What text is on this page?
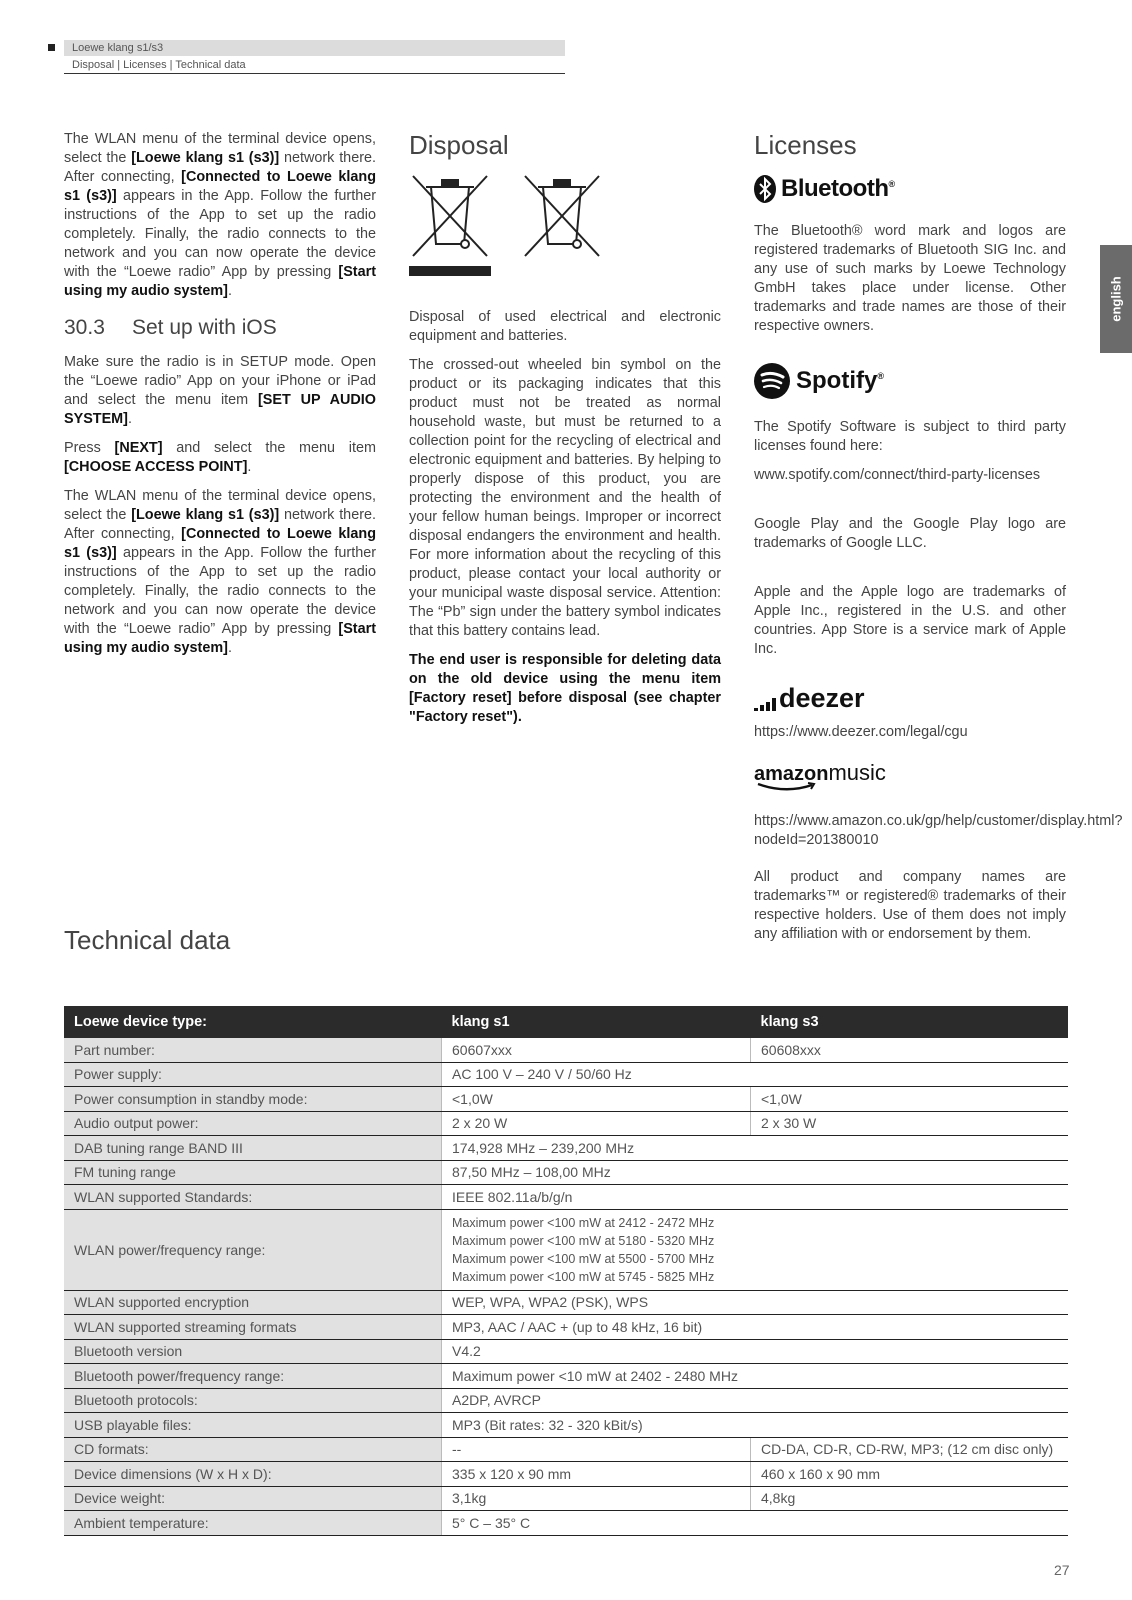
Loewe klang s1/s3
Disposal | Licenses | Technical data
english

The WLAN menu of the terminal device opens, select the [Loewe klang s1 (s3)] network there. After connecting, [Connected to Loewe klang s1 (s3)] appears in the App. Follow the further instructions of the App to set up the radio completely. Finally, the radio connects to the network and you can now operate the device with the “Loewe radio” App by pressing [Start using my audio system].

30.3 Set up with iOS

Make sure the radio is in SETUP mode. Open the “Loewe radio” App on your iPhone or iPad and select the menu item [SET UP AUDIO SYSTEM].

Press [NEXT] and select the menu item [CHOOSE ACCESS POINT].

The WLAN menu of the terminal device opens, select the [Loewe klang s1 (s3)] network there. After connecting, [Connected to Loewe klang s1 (s3)] appears in the App. Follow the further instructions of the App to set up the radio completely. Finally, the radio connects to the network and you can now operate the device with the “Loewe radio” App by pressing [Start using my audio system].

Disposal

Disposal of used electrical and electronic equipment and batteries.

The crossed-out wheeled bin symbol on the product or its packaging indicates that this product must not be treated as normal household waste, but must be returned to a collection point for the recycling of electrical and electronic equipment and batteries. By helping to properly dispose of this product, you are protecting the environment and the health of your fellow human beings. Improper or incorrect disposal endangers the environment and health. For more information about the recycling of this product, please contact your local authority or your municipal waste disposal service. Attention: The “Pb” sign under the battery symbol indicates that this battery contains lead.

The end user is responsible for deleting data on the old device using the menu item [Factory reset] before disposal (see chapter "Factory reset").

Licenses
Bluetooth®

The Bluetooth® word mark and logos are registered trademarks of Bluetooth SIG Inc. and any use of such marks by Loewe Technology GmbH takes place under license. Other trademarks and trade names are those of their respective owners.

Spotify®

The Spotify Software is subject to third party licenses found here:

www.spotify.com/connect/third-party-licenses

Google Play and the Google Play logo are trademarks of Google LLC.

Apple and the Apple logo are trademarks of Apple Inc., registered in the U.S. and other countries. App Store is a service mark of Apple Inc.

deezer

https://www.deezer.com/legal/cgu

amazonmusic

https://www.amazon.co.uk/gp/help/customer/display.html?nodeId=201380010

All product and company names are trademarks™ or registered® trademarks of their respective holders. Use of them does not imply any affiliation with or endorsement by them.

Technical data
Loewe device type:	klang s1	klang s3
Part number:	60607xxx	60608xxx
Power supply:	AC 100 V – 240 V / 50/60 Hz	
Power consumption in standby mode:	<1,0W	<1,0W
Audio output power:	2 x 20 W	2 x 30 W
DAB tuning range BAND III	174,928 MHz – 239,200 MHz	
FM tuning range	87,50 MHz – 108,00 MHz	
WLAN supported Standards:	IEEE 802.11a/b/g/n	
WLAN power/frequency range:	Maximum power <100 mW at 2412 - 2472 MHz
Maximum power <100 mW at 5180 - 5320 MHz
Maximum power <100 mW at 5500 - 5700 MHz
Maximum power <100 mW at 5745 - 5825 MHz	

WLAN supported encryption	WEP, WPA, WPA2 (PSK), WPS	
WLAN supported streaming formats	MP3, AAC / AAC + (up to 48 kHz, 16 bit)	
Bluetooth version	V4.2	
Bluetooth power/frequency range:	Maximum power <10 mW at 2402 - 2480 MHz	
Bluetooth protocols:	A2DP, AVRCP	
USB playable files:	MP3 (Bit rates: 32 - 320 kBit/s)	
CD formats:	--	CD-DA, CD-R, CD-RW, MP3; (12 cm disc only)
Device dimensions (W x H x D):	335 x 120 x 90 mm	460 x 160 x 90 mm
Device weight:	3,1kg	4,8kg
Ambient temperature:	5° C – 35° C	
27
